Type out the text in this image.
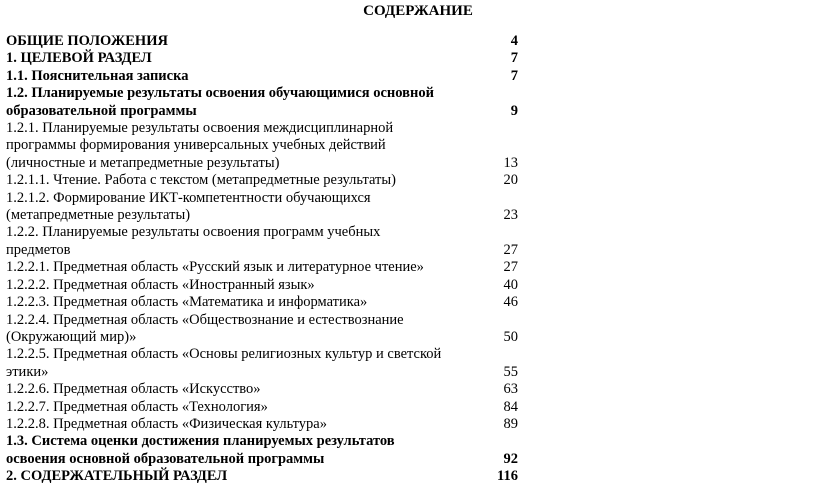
СОДЕРЖАНИЕ
ОБЩИЕ ПОЛОЖЕНИЯ	4
1. ЦЕЛЕВОЙ РАЗДЕЛ	7
1.1. Пояснительная записка	7
1.2. Планируемые результаты освоения обучающимися основной
образовательной программы	9
1.2.1. Планируемые результаты освоения междисциплинарной
программы формирования универсальных учебных действий
(личностные и метапредметные результаты)	13
1.2.1.1. Чтение. Работа с текстом (метапредметные результаты)	20
1.2.1.2. Формирование ИКТ-компетентности обучающихся
(метапредметные результаты)	23
1.2.2. Планируемые результаты освоения программ учебных
предметов	27
1.2.2.1. Предметная область «Русский язык и литературное чтение»	27
1.2.2.2. Предметная область «Иностранный язык»	40
1.2.2.3. Предметная область «Математика и информатика»	46
1.2.2.4. Предметная область «Обществознание и естествознание
(Окружающий мир)»	50
1.2.2.5. Предметная область «Основы религиозных культур и светской
этики»	55
1.2.2.6. Предметная область «Искусство»	63
1.2.2.7. Предметная область «Технология»	84
1.2.2.8. Предметная область «Физическая культура»	89
1.3. Система оценки достижения планируемых результатов
освоения основной образовательной программы	92
2. СОДЕРЖАТЕЛЬНЫЙ РАЗДЕЛ	116
